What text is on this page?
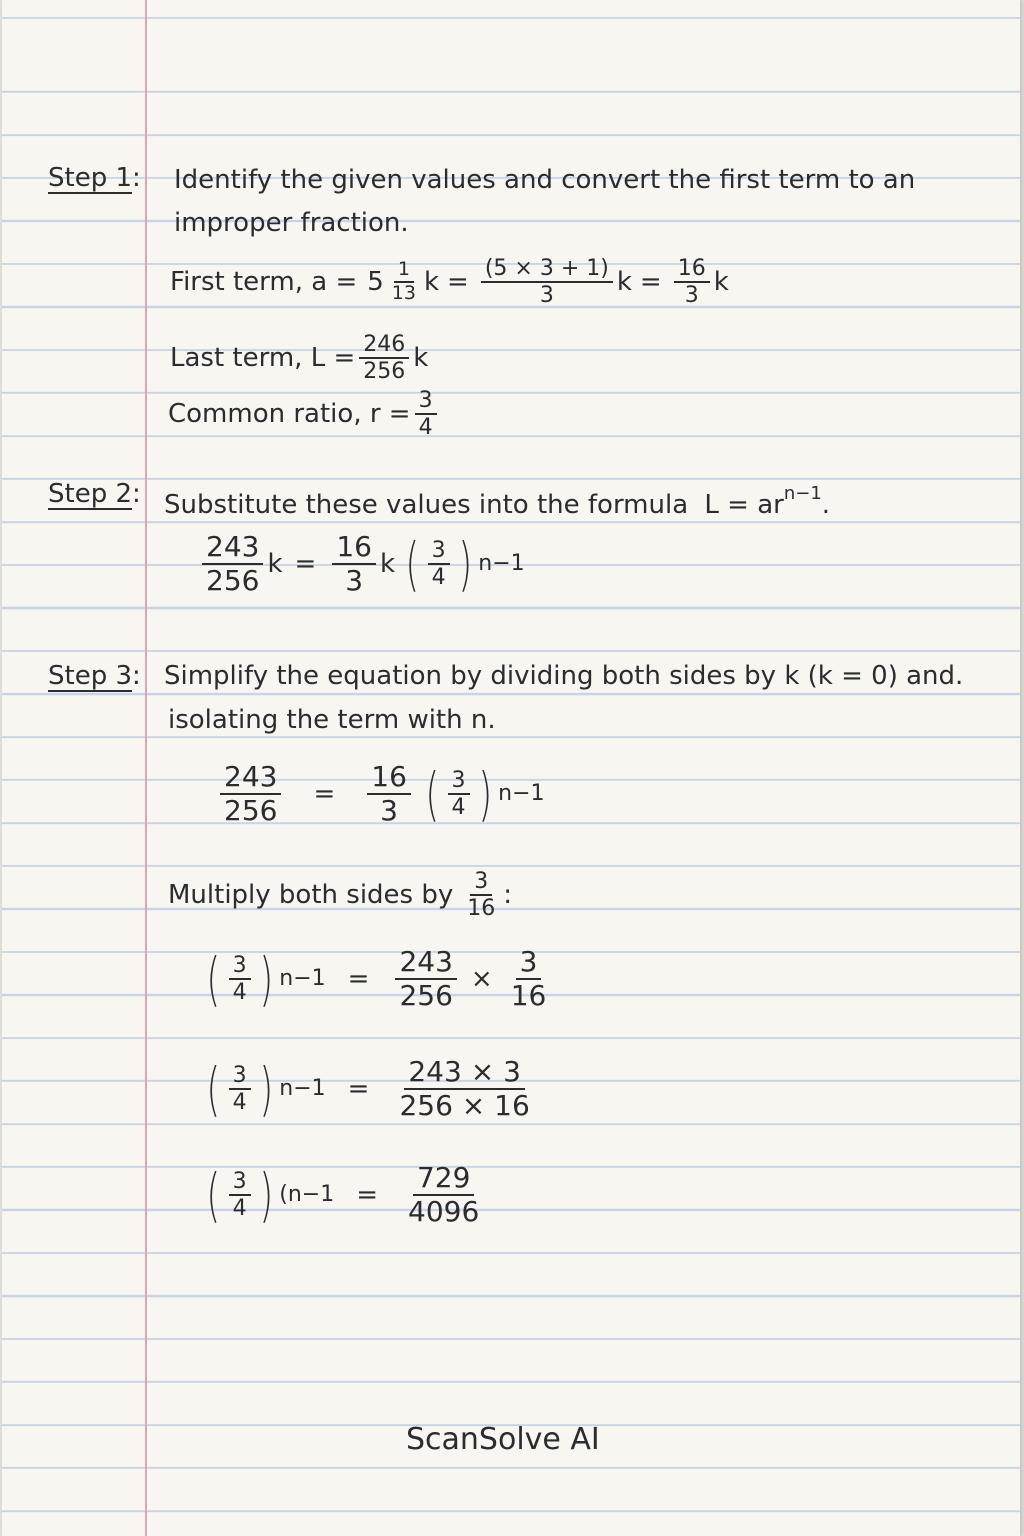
Step 1: Identify the given values and convert the first term to an
improper fraction.
First term, $a = 5 \frac{1}{13}$ $k = \frac{(5 \times 3 + 1)}{3}$ $k = \frac{16}{3}$ k
Last term, $L = \frac{246}{256}$ k
Common ratio, $r = \frac{3}{4}$
Step 2: Substitute these values into the formula $L = ar^{n-1}$.
$\frac{243}{256}$ $k = \frac{16}{3}$ k ( $\frac{3}{4}$ ) n−1
Step 3: Simplify the equation by dividing both sides by k (k = 0) and.
isolating the term with n.
$\frac{243}{256} = \frac{16}{3}$ ( $\frac{3}{4}$ ) n−1
Multiply both sides by $\frac{3}{16}$ :
( $\frac{3}{4}$ ) $n-1 = \frac{243}{256} \times \frac{3}{16}$
( $\frac{3}{4}$ ) $n-1 = \frac{243 \times 3}{256 \times 16}$
( $\frac{3}{4}$ ) ($n-1 = \frac{729}{4096}$
ScanSolve AI
